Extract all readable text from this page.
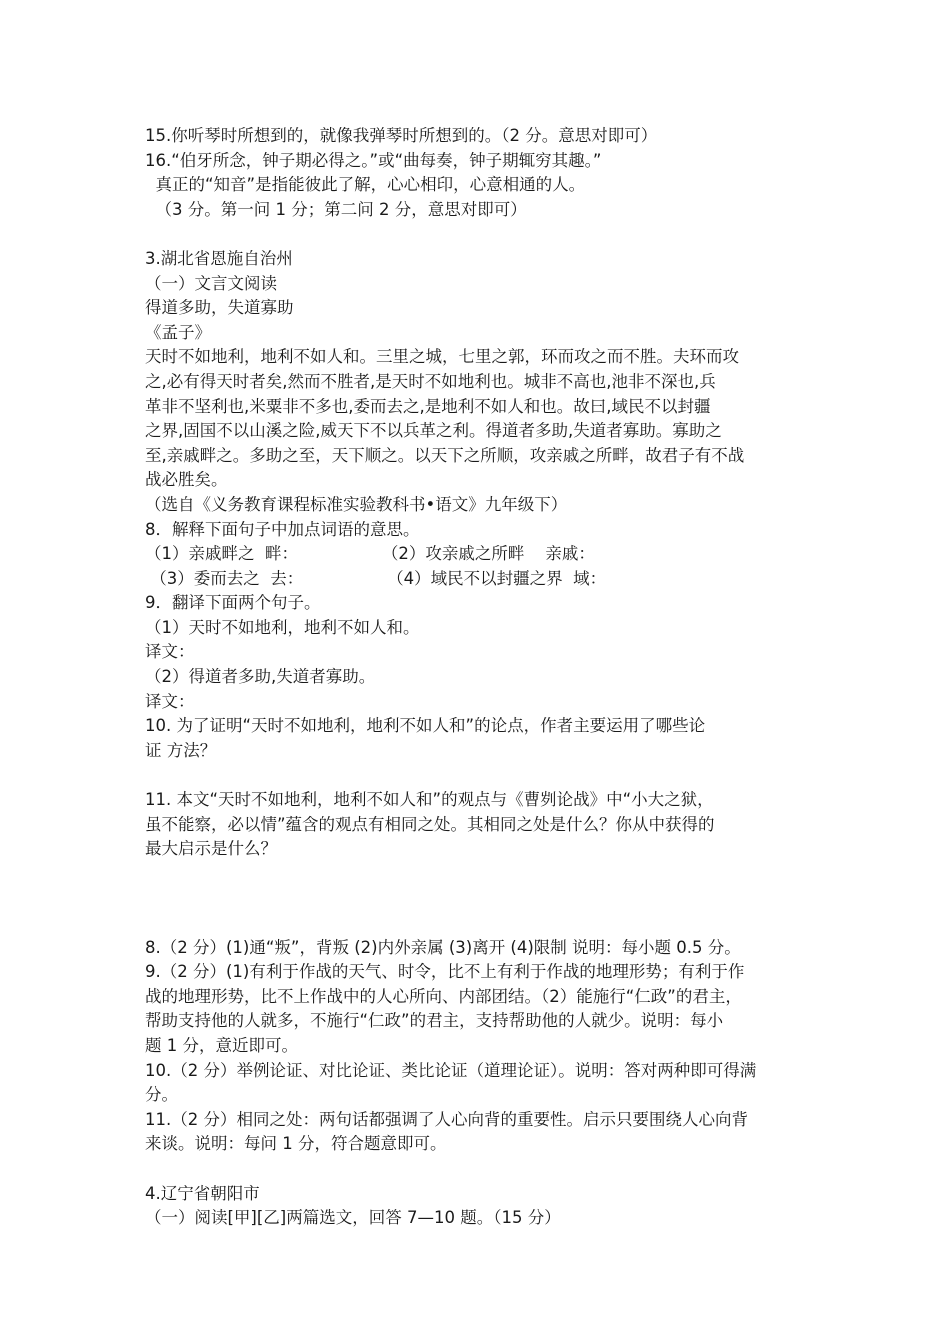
15.你听琴时所想到的，就像我弹琴时所想到的。（2 分。意思对即可）
16.“伯牙所念，钟子期必得之。”或“曲每奏，钟子期辄穷其趣。”
真正的“知音”是指能彼此了解，心心相印，心意相通的人。
（3 分。第一问 1 分；第二问 2 分，意思对即可）
3.湖北省恩施自治州
（一）文言文阅读
得道多助，失道寡助
《孟子》
天时不如地利，地利不如人和。三里之城，七里之郭，环而攻之而不胜。夫环而攻
之,必有得天时者矣,然而不胜者,是天时不如地利也。城非不高也,池非不深也,兵
革非不坚利也,米粟非不多也,委而去之,是地利不如人和也。故曰,域民不以封疆
之界,固国不以山溪之险,威天下不以兵革之利。得道者多助,失道者寡助。寡助之
至,亲戚畔之。多助之至，天下顺之。以天下之所顺，攻亲戚之所畔，故君子有不战
战必胜矣。
（选自《义务教育课程标准实验教科书•语文》九年级下）
8．解释下面句子中加点词语的意思。
（1）亲戚畔之  畔：                （2）攻亲戚之所畔    亲戚：
（3）委而去之  去：                （4）域民不以封疆之界  域：
9．翻译下面两个句子。
（1）天时不如地利，地利不如人和。
译文：
（2）得道者多助,失道者寡助。
译文：
10. 为了证明“天时不如地利，地利不如人和”的论点，作者主要运用了哪些论
证 方法？
11. 本文“天时不如地利，地利不如人和”的观点与《曹刿论战》中“小大之狱，
虽不能察，必以情”蕴含的观点有相同之处。其相同之处是什么？你从中获得的
最大启示是什么？
8.（2 分）(1)通“叛”，背叛 (2)内外亲属 (3)离开 (4)限制 说明：每小题 0.5 分。
9.（2 分）(1)有利于作战的天气、时令，比不上有利于作战的地理形势；有利于作
战的地理形势，比不上作战中的人心所向、内部团结。（2）能施行“仁政”的君主，
帮助支持他的人就多，不施行“仁政”的君主，支持帮助他的人就少。说明：每小
题 1 分，意近即可。
10.（2 分）举例论证、对比论证、类比论证（道理论证）。说明：答对两种即可得满
分。
11.（2 分）相同之处：两句话都强调了人心向背的重要性。启示只要围绕人心向背
来谈。说明：每问 1 分，符合题意即可。
4.辽宁省朝阳市
（一）阅读[甲][乙]两篇选文，回答 7—10 题。（15 分）
